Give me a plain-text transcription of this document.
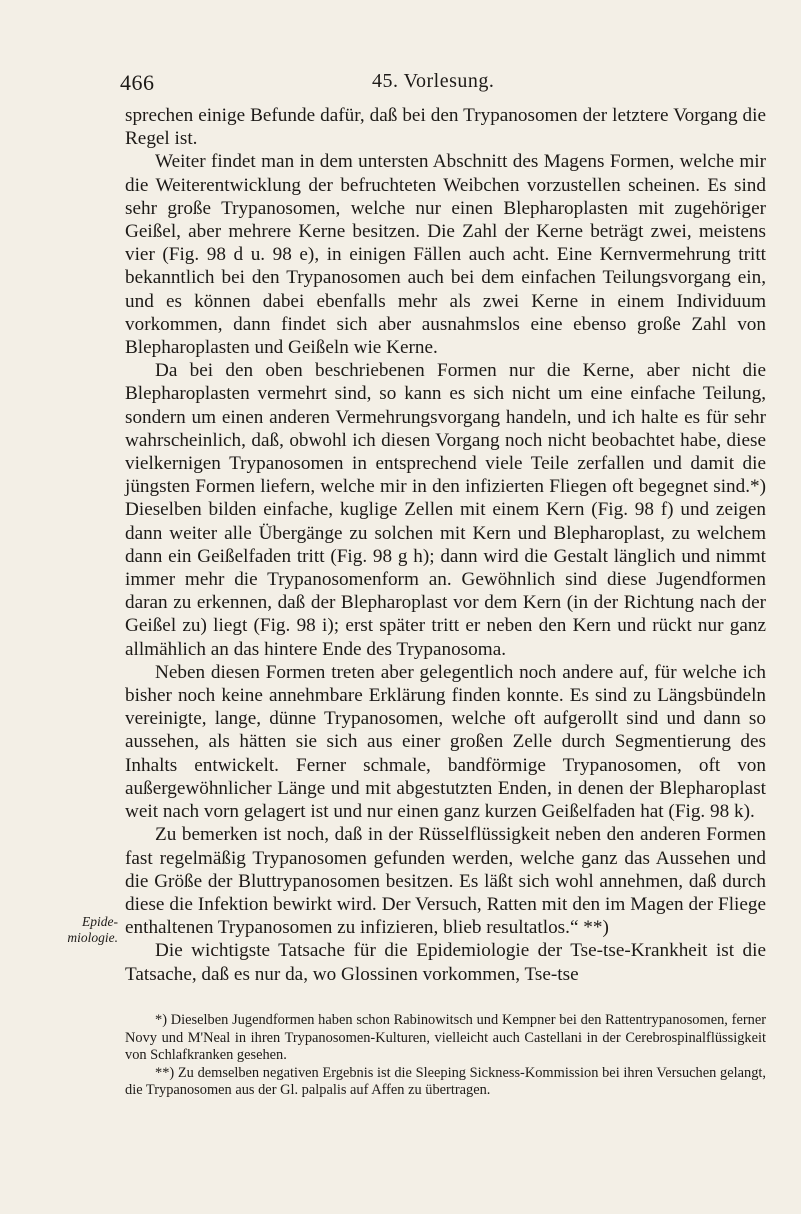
466	45. Vorlesung.
Epide-
miologie.

sprechen einige Befunde dafür, daß bei den Trypanosomen der letztere Vorgang die Regel ist.

Weiter findet man in dem untersten Abschnitt des Magens Formen, welche mir die Weiterentwicklung der befruchteten Weibchen vorzustellen scheinen. Es sind sehr große Trypanosomen, welche nur einen Blepharoplasten mit zugehöriger Geißel, aber mehrere Kerne besitzen. Die Zahl der Kerne beträgt zwei, meistens vier (Fig. 98 d u. 98 e), in einigen Fällen auch acht. Eine Kernvermehrung tritt bekanntlich bei den Trypanosomen auch bei dem einfachen Teilungsvorgang ein, und es können dabei ebenfalls mehr als zwei Kerne in einem Individuum vorkommen, dann findet sich aber ausnahmslos eine ebenso große Zahl von Blepharoplasten und Geißeln wie Kerne.

Da bei den oben beschriebenen Formen nur die Kerne, aber nicht die Blepharoplasten vermehrt sind, so kann es sich nicht um eine einfache Teilung, sondern um einen anderen Vermehrungsvorgang handeln, und ich halte es für sehr wahrscheinlich, daß, obwohl ich diesen Vorgang noch nicht beobachtet habe, diese vielkernigen Trypanosomen in entsprechend viele Teile zerfallen und damit die jüngsten Formen liefern, welche mir in den infizierten Fliegen oft begegnet sind.*) Dieselben bilden einfache, kuglige Zellen mit einem Kern (Fig. 98 f) und zeigen dann weiter alle Übergänge zu solchen mit Kern und Blepharoplast, zu welchem dann ein Geißelfaden tritt (Fig. 98 g h); dann wird die Gestalt länglich und nimmt immer mehr die Trypanosomenform an. Gewöhnlich sind diese Jugendformen daran zu erkennen, daß der Blepharoplast vor dem Kern (in der Richtung nach der Geißel zu) liegt (Fig. 98 i); erst später tritt er neben den Kern und rückt nur ganz allmählich an das hintere Ende des Trypanosoma.

Neben diesen Formen treten aber gelegentlich noch andere auf, für welche ich bisher noch keine annehmbare Erklärung finden konnte. Es sind zu Längsbündeln vereinigte, lange, dünne Trypanosomen, welche oft aufgerollt sind und dann so aussehen, als hätten sie sich aus einer großen Zelle durch Segmentierung des Inhalts entwickelt. Ferner schmale, bandförmige Trypanosomen, oft von außergewöhnlicher Länge und mit abgestutzten Enden, in denen der Blepharoplast weit nach vorn gelagert ist und nur einen ganz kurzen Geißelfaden hat (Fig. 98 k).

Zu bemerken ist noch, daß in der Rüsselflüssigkeit neben den anderen Formen fast regelmäßig Trypanosomen gefunden werden, welche ganz das Aussehen und die Größe der Bluttrypanosomen besitzen. Es läßt sich wohl annehmen, daß durch diese die Infektion bewirkt wird. Der Versuch, Ratten mit den im Magen der Fliege enthaltenen Trypanosomen zu infizieren, blieb resultatlos.“ **)

Die wichtigste Tatsache für die Epidemiologie der Tse-tse-Krankheit ist die Tatsache, daß es nur da, wo Glossinen vorkommen, Tse-tse

*) Dieselben Jugendformen haben schon Rabinowitsch und Kempner bei den Rattentrypanosomen, ferner Novy und M'Neal in ihren Trypanosomen-Kulturen, vielleicht auch Castellani in der Cerebrospinalflüssigkeit von Schlafkranken gesehen.

**) Zu demselben negativen Ergebnis ist die Sleeping Sickness-Kommission bei ihren Versuchen gelangt, die Trypanosomen aus der Gl. palpalis auf Affen zu übertragen.
